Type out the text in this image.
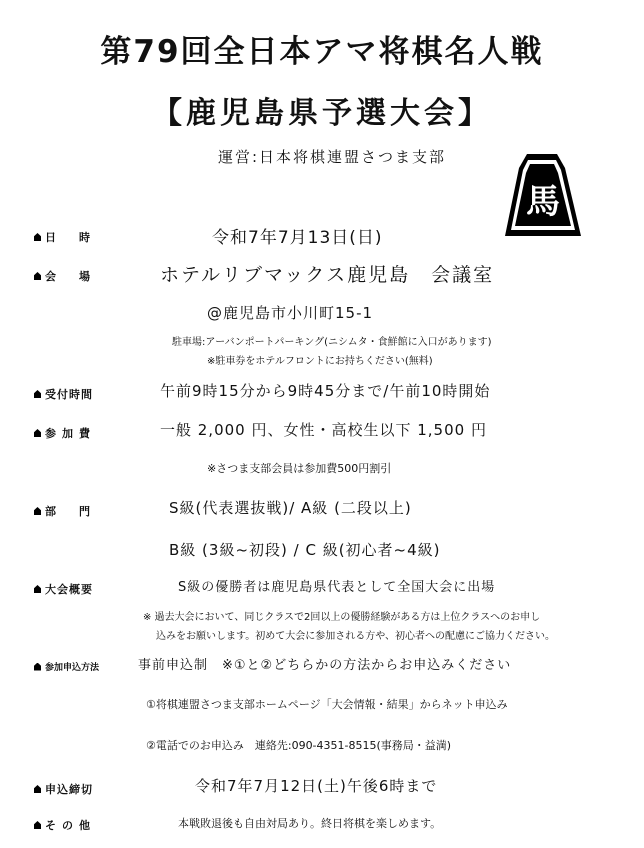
第79回全日本アマ将棋名人戦
【鹿児島県予選大会】
運営:日本将棋連盟さつま支部
馬
日　時	令和7年7月13日(日)
会　場	ホテルリブマックス鹿児島　会議室
@鹿児島市小川町15-1
駐車場:アーバンポートパーキング(ニシムタ・食鮮館に入口があります)
※駐車券をホテルフロントにお持ちください(無料)
受付時間	午前9時15分から9時45分まで/午前10時開始
参加費	一般 2,000 円、女性・高校生以下 1,500 円
※さつま支部会員は参加費500円割引
部　門	S級(代表選抜戦)/ A級 (二段以上)
B級 (3級~初段) / C 級(初心者~4級)
大会概要	S級の優勝者は鹿児島県代表として全国大会に出場
※ 過去大会において、同じクラスで2回以上の優勝経験がある方は上位クラスへのお申し
込みをお願いします。初めて大会に参加される方や、初心者への配慮にご協力ください。
参加申込方法	事前申込制　※①と②どちらかの方法からお申込みください
①将棋連盟さつま支部ホームページ「大会情報・結果」からネット申込み
②電話でのお申込み　連絡先:090-4351-8515(事務局・益満)
申込締切	令和7年7月12日(土)午後6時まで
その他	本戦敗退後も自由対局あり。終日将棋を楽しめます。
